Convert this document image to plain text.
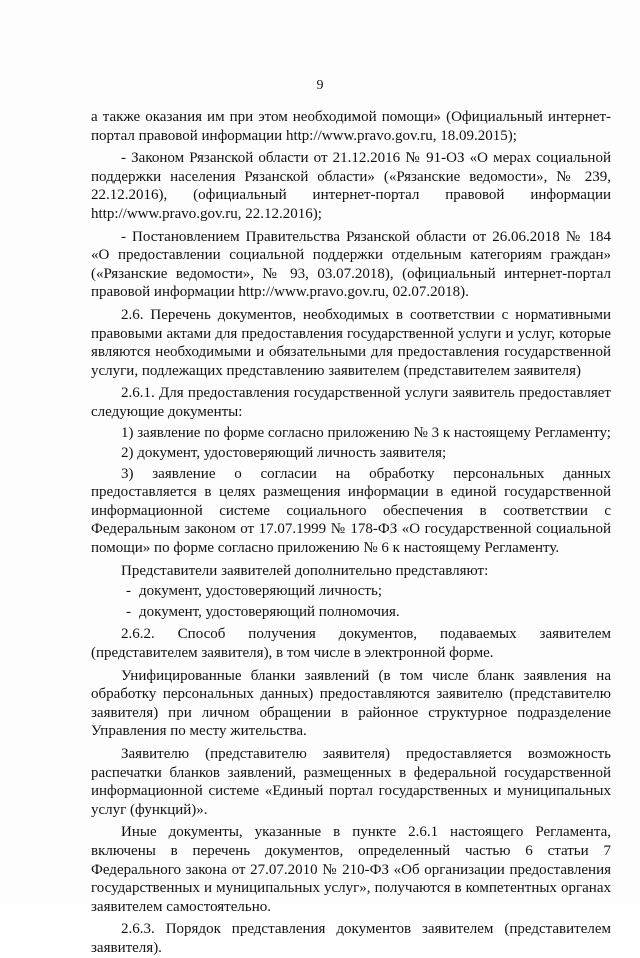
9

а также оказания им при этом необходимой помощи» (Официальный интернет-портал правовой информации http://www.pravo.gov.ru, 18.09.2015);

- Законом Рязанской области от 21.12.2016 № 91-ОЗ «О мерах социальной поддержки населения Рязанской области» («Рязанские ведомости», № 239, 22.12.2016), (официальный интернет-портал правовой информации http://www.pravo.gov.ru, 22.12.2016);

- Постановлением Правительства Рязанской области от 26.06.2018 № 184 «О предоставлении социальной поддержки отдельным категориям граждан» («Рязанские ведомости», № 93, 03.07.2018), (официальный интернет-портал правовой информации http://www.pravo.gov.ru, 02.07.2018).

2.6. Перечень документов, необходимых в соответствии с нормативными правовыми актами для предоставления государственной услуги и услуг, которые являются необходимыми и обязательными для предоставления государственной услуги, подлежащих представлению заявителем (представителем заявителя)

2.6.1. Для предоставления государственной услуги заявитель предоставляет следующие документы:

1) заявление по форме согласно приложению № 3 к настоящему Регламенту;

2) документ, удостоверяющий личность заявителя;

3) заявление о согласии на обработку персональных данных предоставляется в целях размещения информации в единой государственной информационной системе социального обеспечения в соответствии с Федеральным законом от 17.07.1999 № 178-ФЗ «О государственной социальной помощи» по форме согласно приложению № 6 к настоящему Регламенту.

Представители заявителей дополнительно представляют:

- документ, удостоверяющий личность;

- документ, удостоверяющий полномочия.

2.6.2. Способ получения документов, подаваемых заявителем (представителем заявителя), в том числе в электронной форме.

Унифицированные бланки заявлений (в том числе бланк заявления на обработку персональных данных) предоставляются заявителю (представителю заявителя) при личном обращении в районное структурное подразделение Управления по месту жительства.

Заявителю (представителю заявителя) предоставляется возможность распечатки бланков заявлений, размещенных в федеральной государственной информационной системе «Единый портал государственных и муниципальных услуг (функций)».

Иные документы, указанные в пункте 2.6.1 настоящего Регламента, включены в перечень документов, определенный частью 6 статьи 7 Федерального закона от 27.07.2010 № 210-ФЗ «Об организации предоставления государственных и муниципальных услуг», получаются в компетентных органах заявителем самостоятельно.

2.6.3. Порядок представления документов заявителем (представителем заявителя).
